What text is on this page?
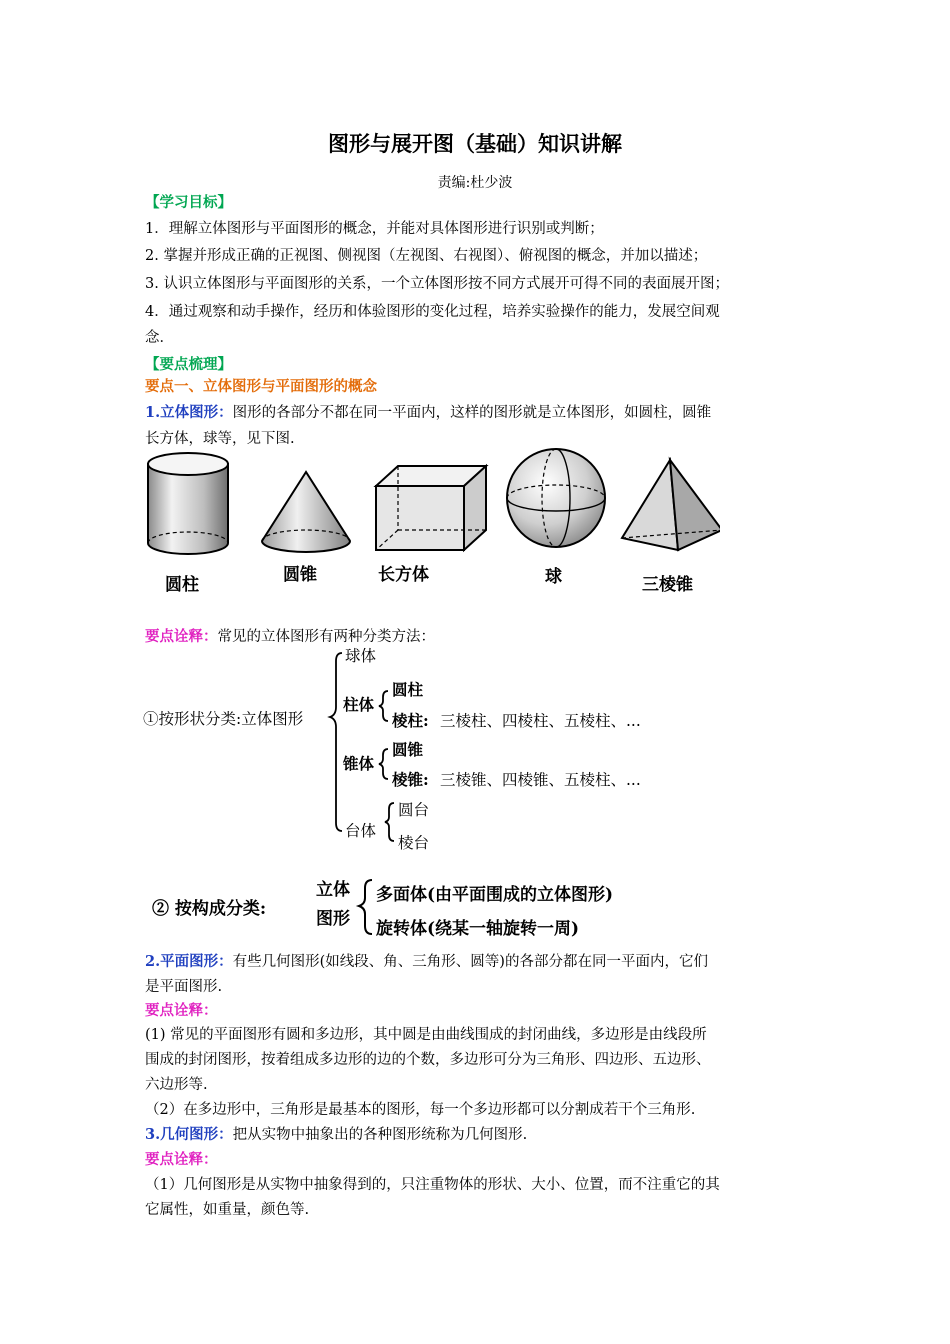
图形与展开图（基础）知识讲解
责编:杜少波
【学习目标】
1．理解立体图形与平面图形的概念，并能对具体图形进行识别或判断；
2. 掌握并形成正确的正视图、侧视图（左视图、右视图）、俯视图的概念，并加以描述；
3. 认识立体图形与平面图形的关系，一个立体图形按不同方式展开可得不同的表面展开图；
4．通过观察和动手操作，经历和体验图形的变化过程，培养实验操作的能力，发展空间观
念．
【要点梳理】
要点一、立体图形与平面图形的概念
1.立体图形：图形的各部分不都在同一平面内，这样的图形就是立体图形，如圆柱，圆锥
长方体，球等，见下图.
圆柱	圆锥	长方体	球	三棱锥
要点诠释：常见的立体图形有两种分类方法：
①按形状分类:立体图形
球体
柱体
圆柱
棱柱: 三棱柱、四棱柱、五棱柱、...
锥体
圆锥
棱锥: 三棱锥、四棱锥、五棱柱、...
台体
圆台
棱台
② 按构成分类:
立体
图形
多面体(由平面围成的立体图形)
旋转体(绕某一轴旋转一周)
2.平面图形：有些几何图形(如线段、角、三角形、圆等)的各部分都在同一平面内，它们
是平面图形.
要点诠释：
(1) 常见的平面图形有圆和多边形，其中圆是由曲线围成的封闭曲线，多边形是由线段所
围成的封闭图形，按着组成多边形的边的个数，多边形可分为三角形、四边形、五边形、
六边形等.
（2）在多边形中，三角形是最基本的图形，每一个多边形都可以分割成若干个三角形.
3.几何图形：把从实物中抽象出的各种图形统称为几何图形.
要点诠释：
（1）几何图形是从实物中抽象得到的，只注重物体的形状、大小、位置，而不注重它的其
它属性，如重量，颜色等.
